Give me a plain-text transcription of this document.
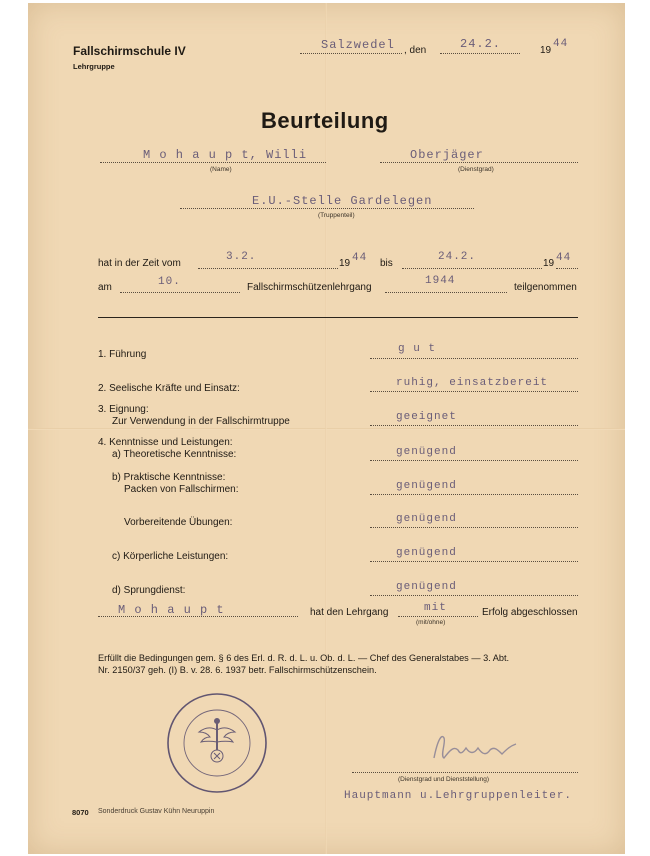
Fallschirmschule IV
Lehrgruppe
Salzwedel , den	24.2.	19
44
Beurteilung
M o h a u p t, Willi
(Name)
Oberjäger
(Dienstgrad)
E.U.-Stelle Gardelegen
(Truppenteil)
hat in der Zeit vom
3.2.
19 44 bis
24.2.
19 44
am	10.	Fallschirmschützenlehrgang
1944
teilgenommen
1. Führung	g u t
2. Seelische Kräfte und Einsatz:	ruhig, einsatzbereit
3. Eignung:
Zur Verwendung in der Fallschirmtruppe	geeignet
4. Kenntnisse und Leistungen:
a) Theoretische Kenntnisse:	genügend
b) Praktische Kenntnisse:
Packen von Fallschirmen:	genügend
Vorbereitende Übungen:	genügend
c) Körperliche Leistungen:	genügend
d) Sprungdienst:	genügend
M o h a u p t	hat den Lehrgang	mit
(mit/ohne)
Erfolg abgeschlossen
Erfüllt die Bedingungen gem. § 6 des Erl. d. R. d. L. u. Ob. d. L. — Chef des Generalstabes — 3. Abt.
Nr. 2150/37 geh. (I) B. v. 28. 6. 1937 betr. Fallschirmschützenschein.
(Dienstgrad und Dienststellung)
Hauptmann u.Lehrgruppenleiter.
8070 Sonderdruck Gustav Kühn Neuruppin
